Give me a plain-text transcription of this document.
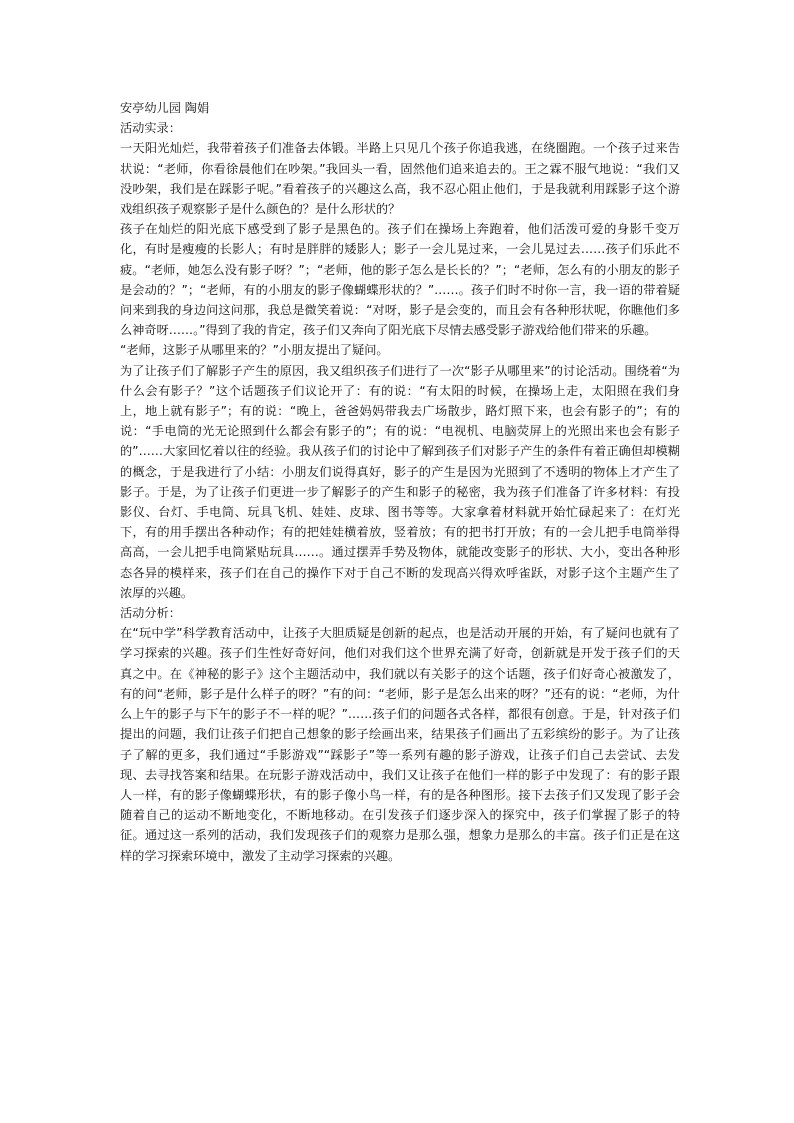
安亭幼儿园 陶娟

活动实录：

一天阳光灿烂，我带着孩子们准备去体锻。半路上只见几个孩子你追我逃，在绕圈跑。一个孩子过来告状说：“老师，你看徐晨他们在吵架。”我回头一看，固然他们追来追去的。王之霖不服气地说：“我们又没吵架，我们是在踩影子呢。”看着孩子的兴趣这么高，我不忍心阻止他们，于是我就利用踩影子这个游戏组织孩子观察影子是什么颜色的？是什么形状的？

孩子在灿烂的阳光底下感受到了影子是黑色的。孩子们在操场上奔跑着，他们活泼可爱的身影千变万化，有时是瘦瘦的长影人；有时是胖胖的矮影人；影子一会儿晃过来，一会儿晃过去……孩子们乐此不疲。“老师，她怎么没有影子呀？”；“老师，他的影子怎么是长长的？”；“老师，怎么有的小朋友的影子是会动的？”；“老师，有的小朋友的影子像蝴蝶形状的？”……。孩子们时不时你一言，我一语的带着疑问来到我的身边问这问那，我总是微笑着说：“对呀，影子是会变的，而且会有各种形状呢，你瞧他们多么神奇呀……。”得到了我的肯定，孩子们又奔向了阳光底下尽情去感受影子游戏给他们带来的乐趣。

“老师，这影子从哪里来的？”小朋友提出了疑问。

为了让孩子们了解影子产生的原因，我又组织孩子们进行了一次“影子从哪里来”的讨论活动。围绕着“为什么会有影子？”这个话题孩子们议论开了：有的说：“有太阳的时候，在操场上走，太阳照在我们身上，地上就有影子”；有的说：“晚上，爸爸妈妈带我去广场散步，路灯照下来，也会有影子的”；有的说：“手电筒的光无论照到什么都会有影子的”；有的说：“电视机、电脑荧屏上的光照出来也会有影子的”……大家回忆着以往的经验。我从孩子们的讨论中了解到孩子们对影子产生的条件有着正确但却模糊的概念，于是我进行了小结：小朋友们说得真好，影子的产生是因为光照到了不透明的物体上才产生了影子。于是，为了让孩子们更进一步了解影子的产生和影子的秘密，我为孩子们准备了许多材料：有投影仪、台灯、手电筒、玩具飞机、娃娃、皮球、图书等等。大家拿着材料就开始忙碌起来了：在灯光下，有的用手摆出各种动作；有的把娃娃横着放，竖着放；有的把书打开放；有的一会儿把手电筒举得高高，一会儿把手电筒紧贴玩具……。通过摆弄手势及物体，就能改变影子的形状、大小，变出各种形态各异的模样来，孩子们在自己的操作下对于自己不断的发现高兴得欢呼雀跃，对影子这个主题产生了浓厚的兴趣。

活动分析：

在“玩中学”科学教育活动中，让孩子大胆质疑是创新的起点，也是活动开展的开始，有了疑问也就有了学习探索的兴趣。孩子们生性好奇好问，他们对我们这个世界充满了好奇，创新就是开发于孩子们的天真之中。在《神秘的影子》这个主题活动中，我们就以有关影子的这个话题，孩子们好奇心被激发了，有的问“老师，影子是什么样子的呀？”有的问：“老师，影子是怎么出来的呀？”还有的说：“老师，为什么上午的影子与下午的影子不一样的呢？”……孩子们的问题各式各样，都很有创意。于是，针对孩子们提出的问题，我们让孩子们把自己想象的影子绘画出来，结果孩子们画出了五彩缤纷的影子。为了让孩子了解的更多，我们通过“手影游戏”“踩影子”等一系列有趣的影子游戏，让孩子们自己去尝试、去发现、去寻找答案和结果。在玩影子游戏活动中，我们又让孩子在他们一样的影子中发现了：有的影子跟人一样，有的影子像蝴蝶形状，有的影子像小鸟一样，有的是各种图形。接下去孩子们又发现了影子会随着自己的运动不断地变化，不断地移动。在引发孩子们逐步深入的探究中，孩子们掌握了影子的特征。通过这一系列的活动，我们发现孩子们的观察力是那么强，想象力是那么的丰富。孩子们正是在这样的学习探索环境中，激发了主动学习探索的兴趣。
